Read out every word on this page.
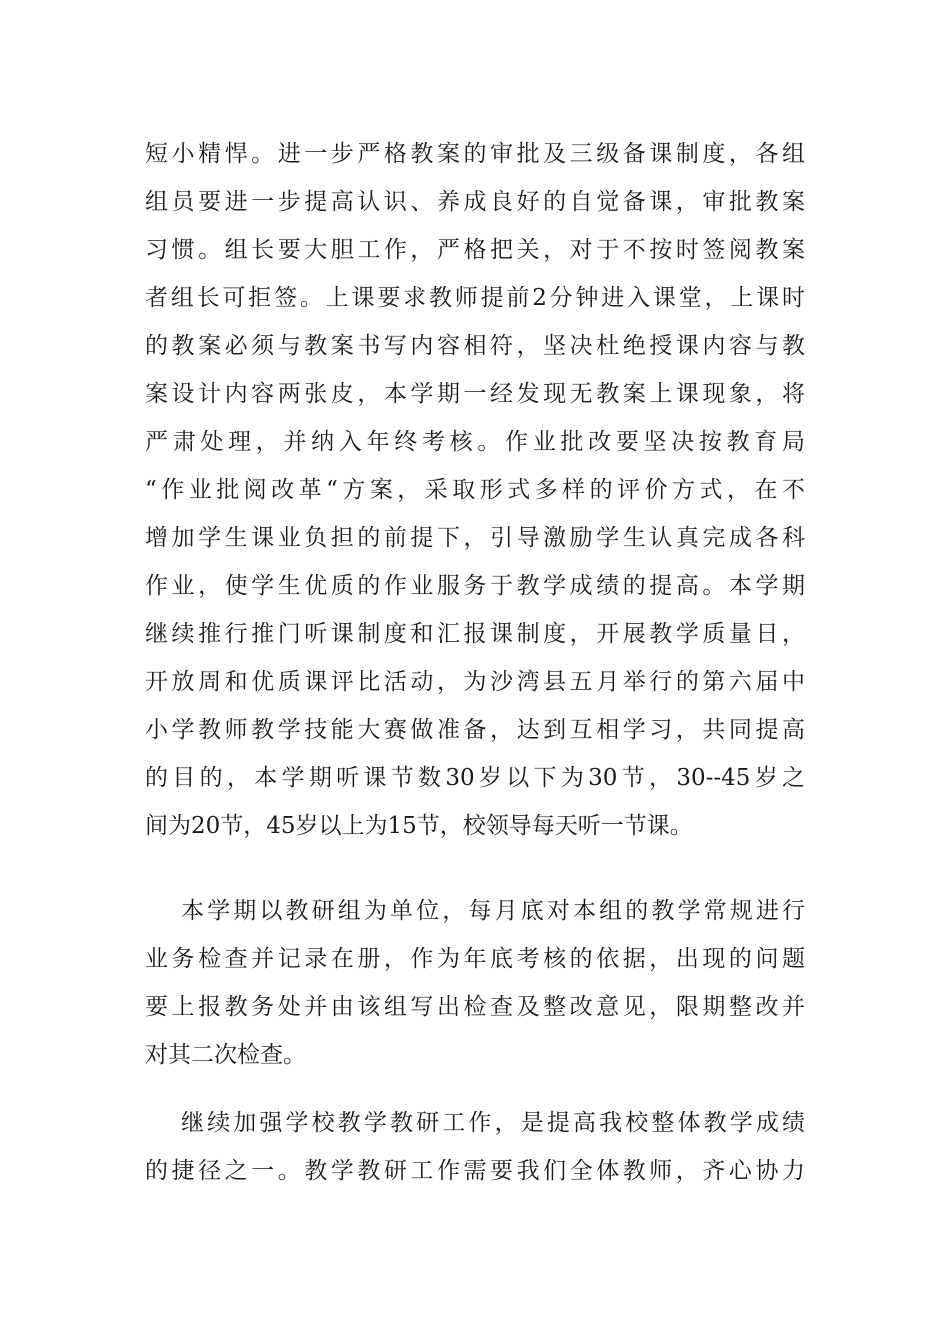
短小精悍。进一步严格教案的审批及三级备课制度，各组
组员要进一步提高认识、养成良好的自觉备课，审批教案
习惯。组长要大胆工作，严格把关，对于不按时签阅教案
者组长可拒签。上课要求教师提前2分钟进入课堂，上课时
的教案必须与教案书写内容相符，坚决杜绝授课内容与教
案设计内容两张皮，本学期一经发现无教案上课现象，将
严肃处理，并纳入年终考核。作业批改要坚决按教育局
“作业批阅改革“方案，采取形式多样的评价方式，在不
增加学生课业负担的前提下，引导激励学生认真完成各科
作业，使学生优质的作业服务于教学成绩的提高。本学期
继续推行推门听课制度和汇报课制度，开展教学质量日，
开放周和优质课评比活动，为沙湾县五月举行的第六届中
小学教师教学技能大赛做准备，达到互相学习，共同提高
的目的，本学期听课节数30岁以下为30节，30--45岁之
间为20节，45岁以上为15节，校领导每天听一节课。
本学期以教研组为单位，每月底对本组的教学常规进行
业务检查并记录在册，作为年底考核的依据，出现的问题
要上报教务处并由该组写出检查及整改意见，限期整改并
对其二次检查。
继续加强学校教学教研工作，是提高我校整体教学成绩
的捷径之一。教学教研工作需要我们全体教师，齐心协力
